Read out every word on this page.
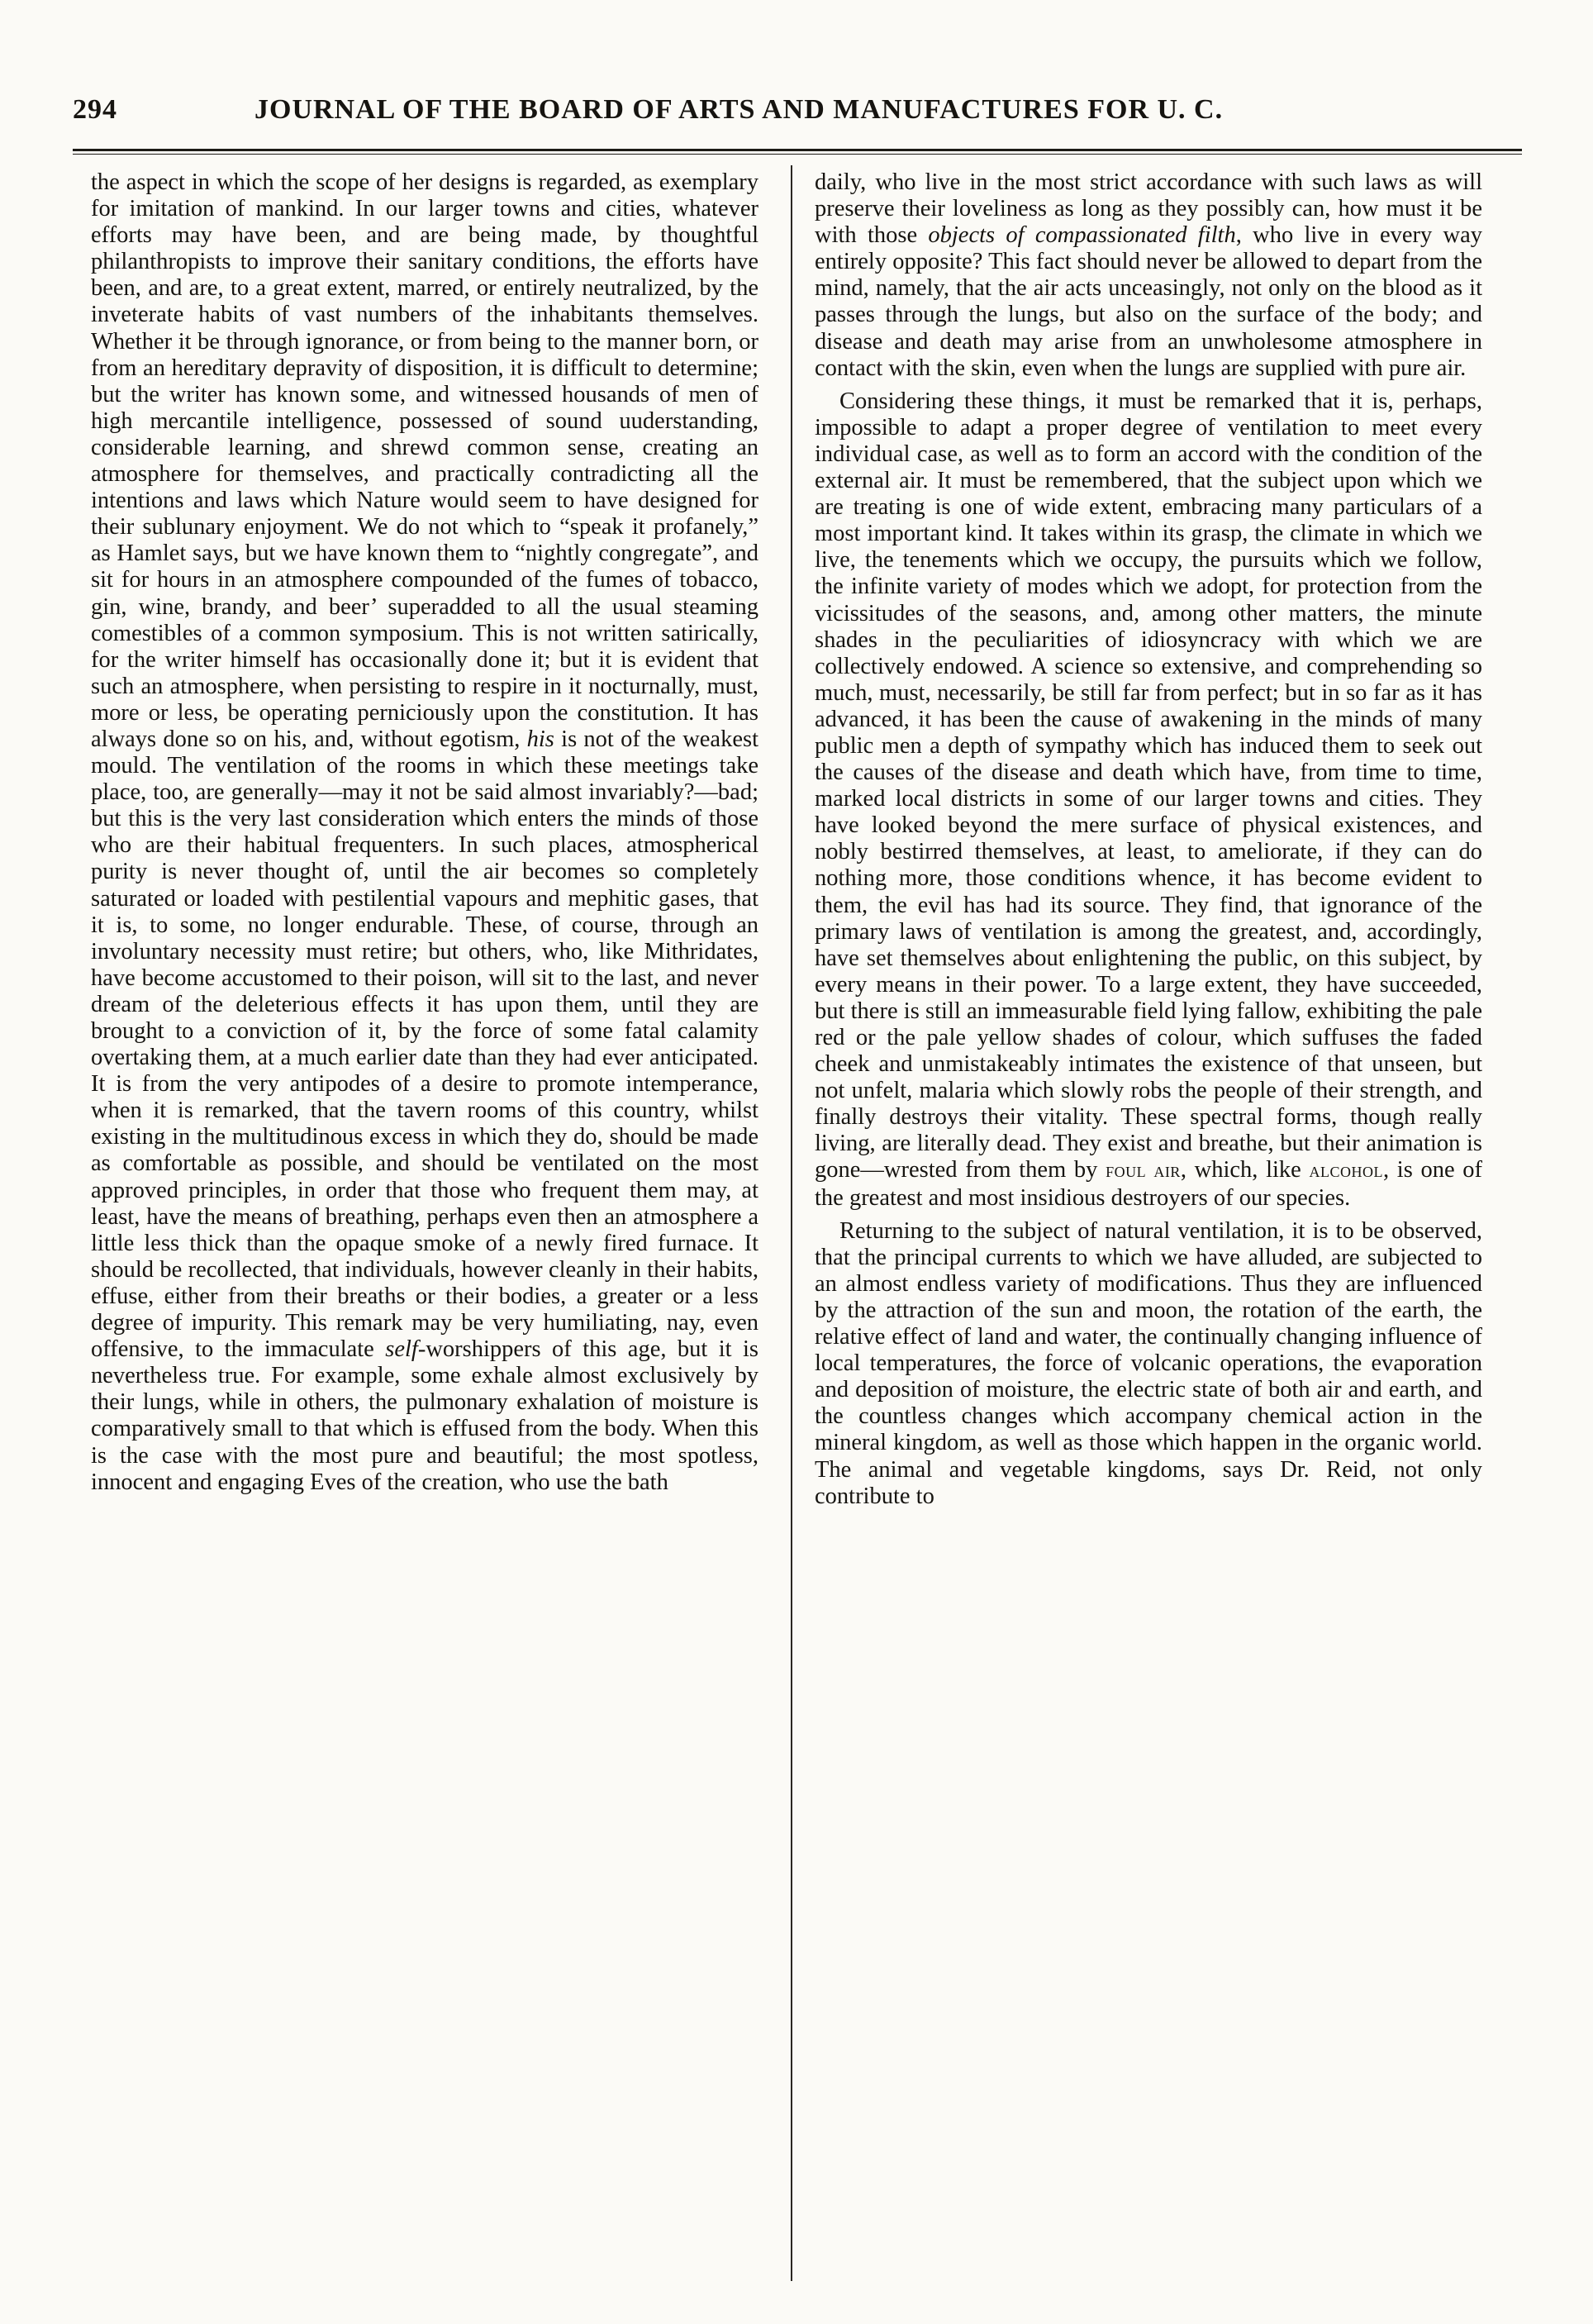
294	JOURNAL OF THE BOARD OF ARTS AND MANUFACTURES FOR U. C.

the aspect in which the scope of her designs is regarded, as exemplary for imitation of mankind. In our larger towns and cities, whatever efforts may have been, and are being made, by thoughtful philanthropists to improve their sanitary conditions, the efforts have been, and are, to a great extent, marred, or entirely neutralized, by the inveterate habits of vast numbers of the inhabitants themselves. Whether it be through ignorance, or from being to the manner born, or from an hereditary depravity of disposition, it is difficult to determine; but the writer has known some, and witnessed housands of men of high mercantile intelligence, possessed of sound uuderstanding, considerable learning, and shrewd common sense, creating an atmosphere for themselves, and practically contradicting all the intentions and laws which Nature would seem to have designed for their sublunary enjoyment. We do not which to “speak it profanely,” as Hamlet says, but we have known them to “nightly congregate”, and sit for hours in an atmosphere compounded of the fumes of tobacco, gin, wine, brandy, and beer’ superadded to all the usual steaming comestibles of a common symposium. This is not written satirically, for the writer himself has occasionally done it; but it is evident that such an atmosphere, when persisting to respire in it nocturnally, must, more or less, be operating perniciously upon the constitution. It has always done so on his, and, without egotism, his is not of the weakest mould. The ventilation of the rooms in which these meetings take place, too, are generally—may it not be said almost invariably?—bad; but this is the very last consideration which enters the minds of those who are their habitual frequenters. In such places, atmospherical purity is never thought of, until the air becomes so completely saturated or loaded with pestilential vapours and mephitic gases, that it is, to some, no longer endurable. These, of course, through an involuntary necessity must retire; but others, who, like Mithridates, have become accustomed to their poison, will sit to the last, and never dream of the deleterious effects it has upon them, until they are brought to a conviction of it, by the force of some fatal calamity overtaking them, at a much earlier date than they had ever anticipated. It is from the very antipodes of a desire to promote intemperance, when it is remarked, that the tavern rooms of this country, whilst existing in the multitudinous excess in which they do, should be made as comfortable as possible, and should be ventilated on the most approved principles, in order that those who frequent them may, at least, have the means of breathing, perhaps even then an atmosphere a little less thick than the opaque smoke of a newly fired furnace. It should be recollected, that individuals, however cleanly in their habits, effuse, either from their breaths or their bodies, a greater or a less degree of impurity. This remark may be very humiliating, nay, even offensive, to the immaculate self-worshippers of this age, but it is nevertheless true. For example, some exhale almost exclusively by their lungs, while in others, the pulmonary exhalation of moisture is comparatively small to that which is effused from the body. When this is the case with the most pure and beautiful; the most spotless, innocent and engaging Eves of the creation, who use the bath

daily, who live in the most strict accordance with such laws as will preserve their loveliness as long as they possibly can, how must it be with those objects of compassionated filth, who live in every way entirely opposite? This fact should never be allowed to depart from the mind, namely, that the air acts unceasingly, not only on the blood as it passes through the lungs, but also on the surface of the body; and disease and death may arise from an unwholesome atmosphere in contact with the skin, even when the lungs are supplied with pure air.

Considering these things, it must be remarked that it is, perhaps, impossible to adapt a proper degree of ventilation to meet every individual case, as well as to form an accord with the condition of the external air. It must be remembered, that the subject upon which we are treating is one of wide extent, embracing many particulars of a most important kind. It takes within its grasp, the climate in which we live, the tenements which we occupy, the pursuits which we follow, the infinite variety of modes which we adopt, for protection from the vicissitudes of the seasons, and, among other matters, the minute shades in the peculiarities of idiosyncracy with which we are collectively endowed. A science so extensive, and comprehending so much, must, necessarily, be still far from perfect; but in so far as it has advanced, it has been the cause of awakening in the minds of many public men a depth of sympathy which has induced them to seek out the causes of the disease and death which have, from time to time, marked local districts in some of our larger towns and cities. They have looked beyond the mere surface of physical existences, and nobly bestirred themselves, at least, to ameliorate, if they can do nothing more, those conditions whence, it has become evident to them, the evil has had its source. They find, that ignorance of the primary laws of ventilation is among the greatest, and, accordingly, have set themselves about enlightening the public, on this subject, by every means in their power. To a large extent, they have succeeded, but there is still an immeasurable field lying fallow, exhibiting the pale red or the pale yellow shades of colour, which suffuses the faded cheek and unmistakeably intimates the existence of that unseen, but not unfelt, malaria which slowly robs the people of their strength, and finally destroys their vitality. These spectral forms, though really living, are literally dead. They exist and breathe, but their animation is gone—wrested from them by foul air, which, like alcohol, is one of the greatest and most insidious destroyers of our species.

Returning to the subject of natural ventilation, it is to be observed, that the principal currents to which we have alluded, are subjected to an almost endless variety of modifications. Thus they are influenced by the attraction of the sun and moon, the rotation of the earth, the relative effect of land and water, the continually changing influence of local temperatures, the force of volcanic operations, the evaporation and deposition of moisture, the electric state of both air and earth, and the countless changes which accompany chemical action in the mineral kingdom, as well as those which happen in the organic world. The animal and vegetable kingdoms, says Dr. Reid, not only contribute to
